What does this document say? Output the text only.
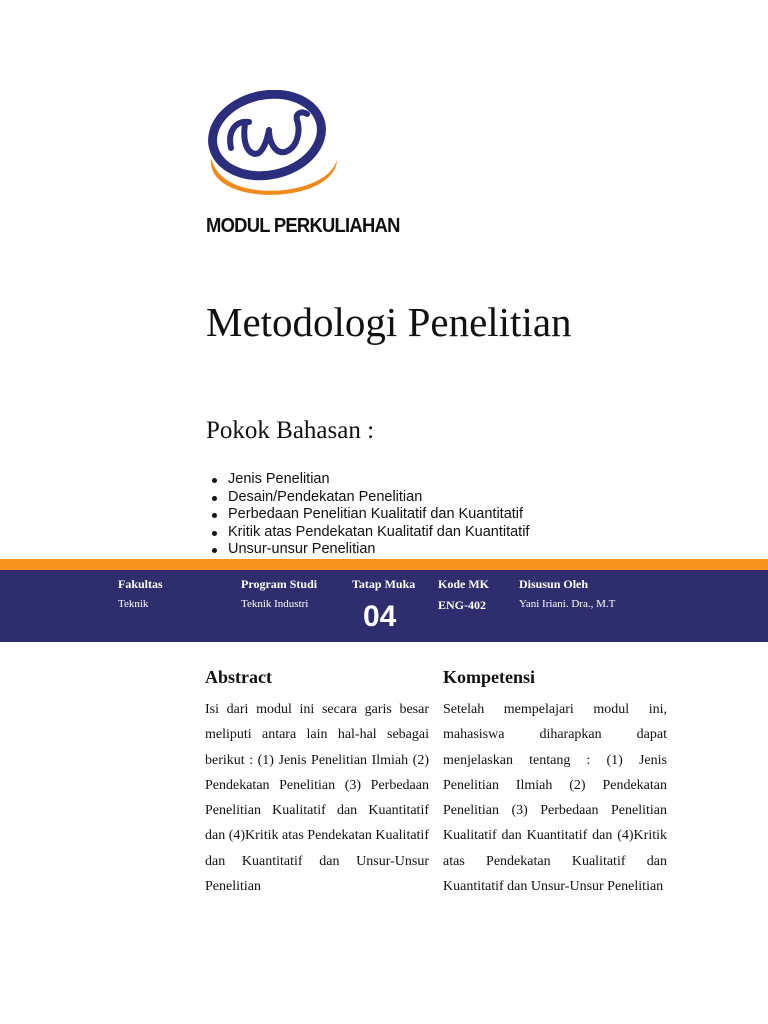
MODUL PERKULIAHAN
Metodologi Penelitian
Pokok Bahasan :
Jenis Penelitian
Desain/Pendekatan Penelitian
Perbedaan Penelitian Kualitatif dan Kuantitatif
Kritik atas Pendekatan Kualitatif dan Kuantitatif
Unsur-unsur Penelitian
Fakultas
Teknik
Program Studi
Teknik Industri
Tatap Muka
04
Kode MK
ENG-402
Disusun Oleh
Yani Iriani. Dra., M.T
Abstract

Isi dari modul ini secara garis besar meliputi antara lain hal-hal sebagai berikut : (1) Jenis Penelitian Ilmiah (2) Pendekatan Penelitian (3) Perbedaan Penelitian Kualitatif dan Kuantitatif dan (4)Kritik atas Pendekatan Kualitatif dan Kuantitatif dan Unsur-Unsur Penelitian

Kompetensi

Setelah mempelajari modul ini, mahasiswa diharapkan dapat menjelaskan tentang : (1) Jenis Penelitian Ilmiah (2) Pendekatan Penelitian (3) Perbedaan Penelitian Kualitatif dan Kuantitatif dan (4)Kritik atas Pendekatan Kualitatif dan Kuantitatif dan Unsur-Unsur Penelitian
